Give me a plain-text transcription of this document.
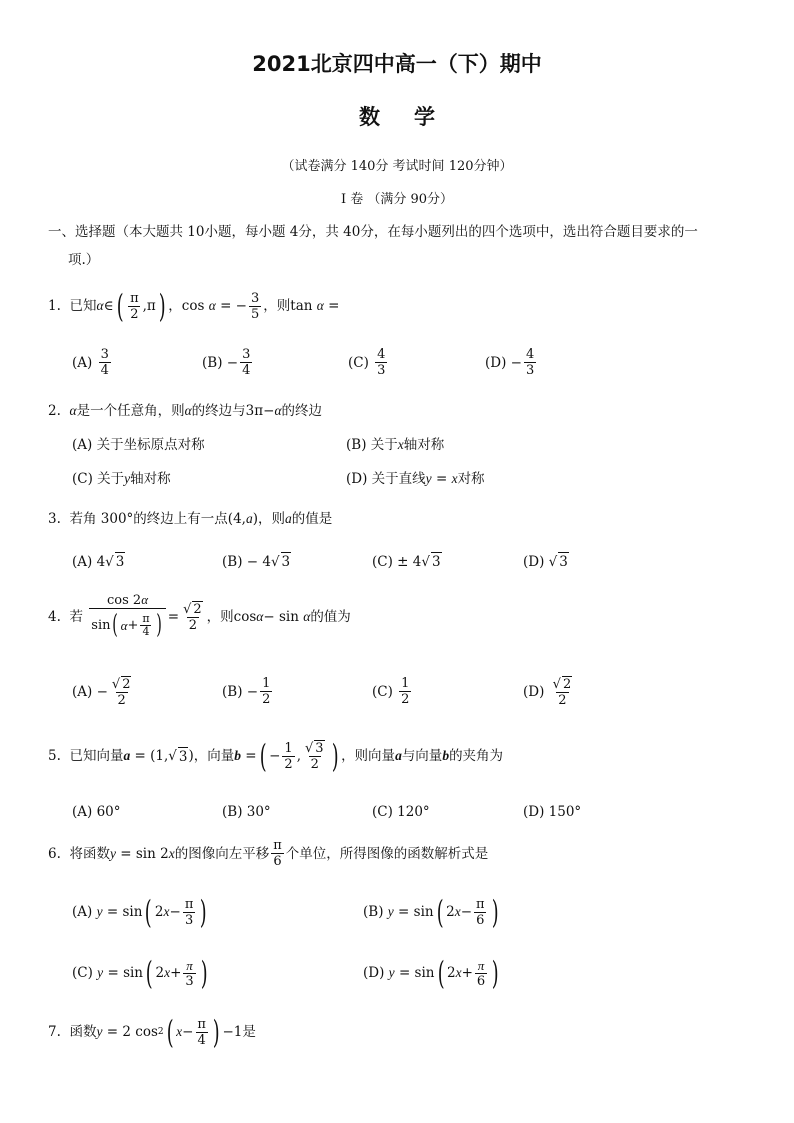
2021北京四中高一（下）期中
数学
（试卷满分 140分 考试时间 120分钟）
I 卷 （满分 90分）
一、选择题（本大题共 10小题，每小题 4分，共 40分，在每小题列出的四个选项中，选出符合题目要求的一
项.）
1.
已知 α ∈ ( $\frac{\pi}{2} ,\pi$ ) ，cos
α = − $\frac{3}{5}$ ，则tan
α =
(A)
$\frac{3}{4}$	$(B) - \frac{3}{4}$	(C)
$\frac{4}{3}$	$(D) - \frac{4}{3}$
2. α是一个任意角，则α的终边与3π−α的终边
(A) 关于坐标原点对称	(B) 关于x轴对称
(C) 关于y轴对称	(D) 关于直线y = x对称
3. 若角 300°的终边上有一点(4,a)，则a的值是
(A) 4√ 3	(B) − 4√ 3	(C) ± 4√ 3	(D) √ 3
4.
若
$\frac{\cos 2\alpha}{\sin ( \alpha + \frac{\pi}{4} )} = \frac{√ 2}{2}$ ，则cos α − sin
α 的值为
$(A) - \frac{√ 2}{2}$	$(B) - \frac{1}{2}$	(C)
$\frac{1}{2}$	(D)
$\frac{√ 2}{2}$
5.
已知向量 a = (1,√ 3 ) ，向量 b = ( − $\frac{1}{2}$ , $\frac{√ 3}{2}$ ) ，则向量 a 与向量 b 的夹角为
(A) 60°	(B) 30°	(C) 120°	(D) 150°
6.
将函数 y = sin 2 x 的图像向左平移 $\frac{\pi}{6}$ 个单位，所得图像的函数解析式是
(A)
y = sin ( 2 $x - \frac{\pi}{3}$ )	(B)
y = sin ( 2 $x - \frac{\pi}{6}$ )
(C)
y = sin ( 2 $x + \frac{\pi}{3}$ )	(D)
y = sin ( 2 $x + \frac{\pi}{6}$ )
7.
函数 y = 2 cos 2 ( $x - \frac{\pi}{4}$ ) −1 是
